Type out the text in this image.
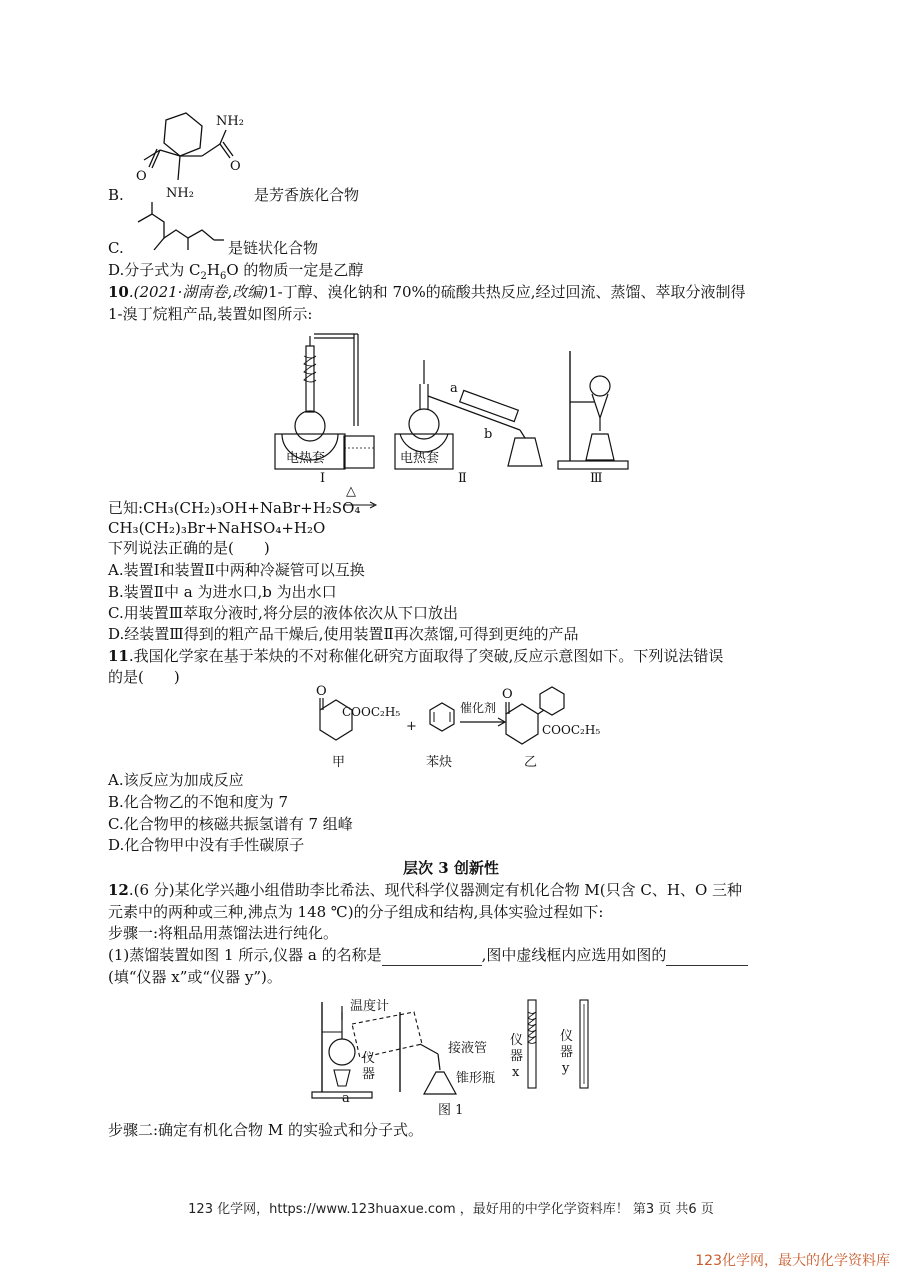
NH₂
O
O
NH₂
B.	是芳香族化合物
C.	是链状化合物
D.分子式为 $C_2H_6O$ 的物质一定是乙醇
10.(2021·湖南卷,改编)1-丁醇、溴化钠和 70%的硫酸共热反应,经过回流、蒸馏、萃取分液制得
1-溴丁烷粗产品,装置如图所示:
电热套
Ⅰ
a
b
电热套
Ⅱ	Ⅲ
已知:CH₃(CH₂)₃OH+NaBr+H₂SO₄
△
CH₃(CH₂)₃Br+NaHSO₄+H₂O
下列说法正确的是(　　)
A.装置Ⅰ和装置Ⅱ中两种冷凝管可以互换
B.装置Ⅱ中 a 为进水口,b 为出水口
C.用装置Ⅲ萃取分液时,将分层的液体依次从下口放出
D.经装置Ⅲ得到的粗产品干燥后,使用装置Ⅱ再次蒸馏,可得到更纯的产品
11.我国化学家在基于苯炔的不对称催化研究方面取得了突破,反应示意图如下。下列说法错误
的是(　　)
O
COOC₂H₅
甲
+
苯炔
催化剂
O
COOC₂H₅
乙
A.该反应为加成反应
B.化合物乙的不饱和度为 7
C.化合物甲的核磁共振氢谱有 7 组峰
D.化合物甲中没有手性碳原子
层次 3 创新性
12.(6 分)某化学兴趣小组借助李比希法、现代科学仪器测定有机化合物 M(只含 C、H、O 三种
元素中的两种或三种,沸点为 148 ℃)的分子组成和结构,具体实验过程如下:
步骤一:将粗品用蒸馏法进行纯化。
(1)蒸馏装置如图 1 所示,仪器 a 的名称是	,图中虚线框内应选用如图的
(填“仪器 x”或“仪器 y”)。
a
温度计
仪
器
接液管
锥形瓶
图 1
仪
器
x
仪
器
y
步骤二:确定有机化合物 M 的实验式和分子式。
123 化学网，https://www.123huaxue.com ，最好用的中学化学资料库！ 第3 页 共6 页
123化学网，最大的化学资料库
